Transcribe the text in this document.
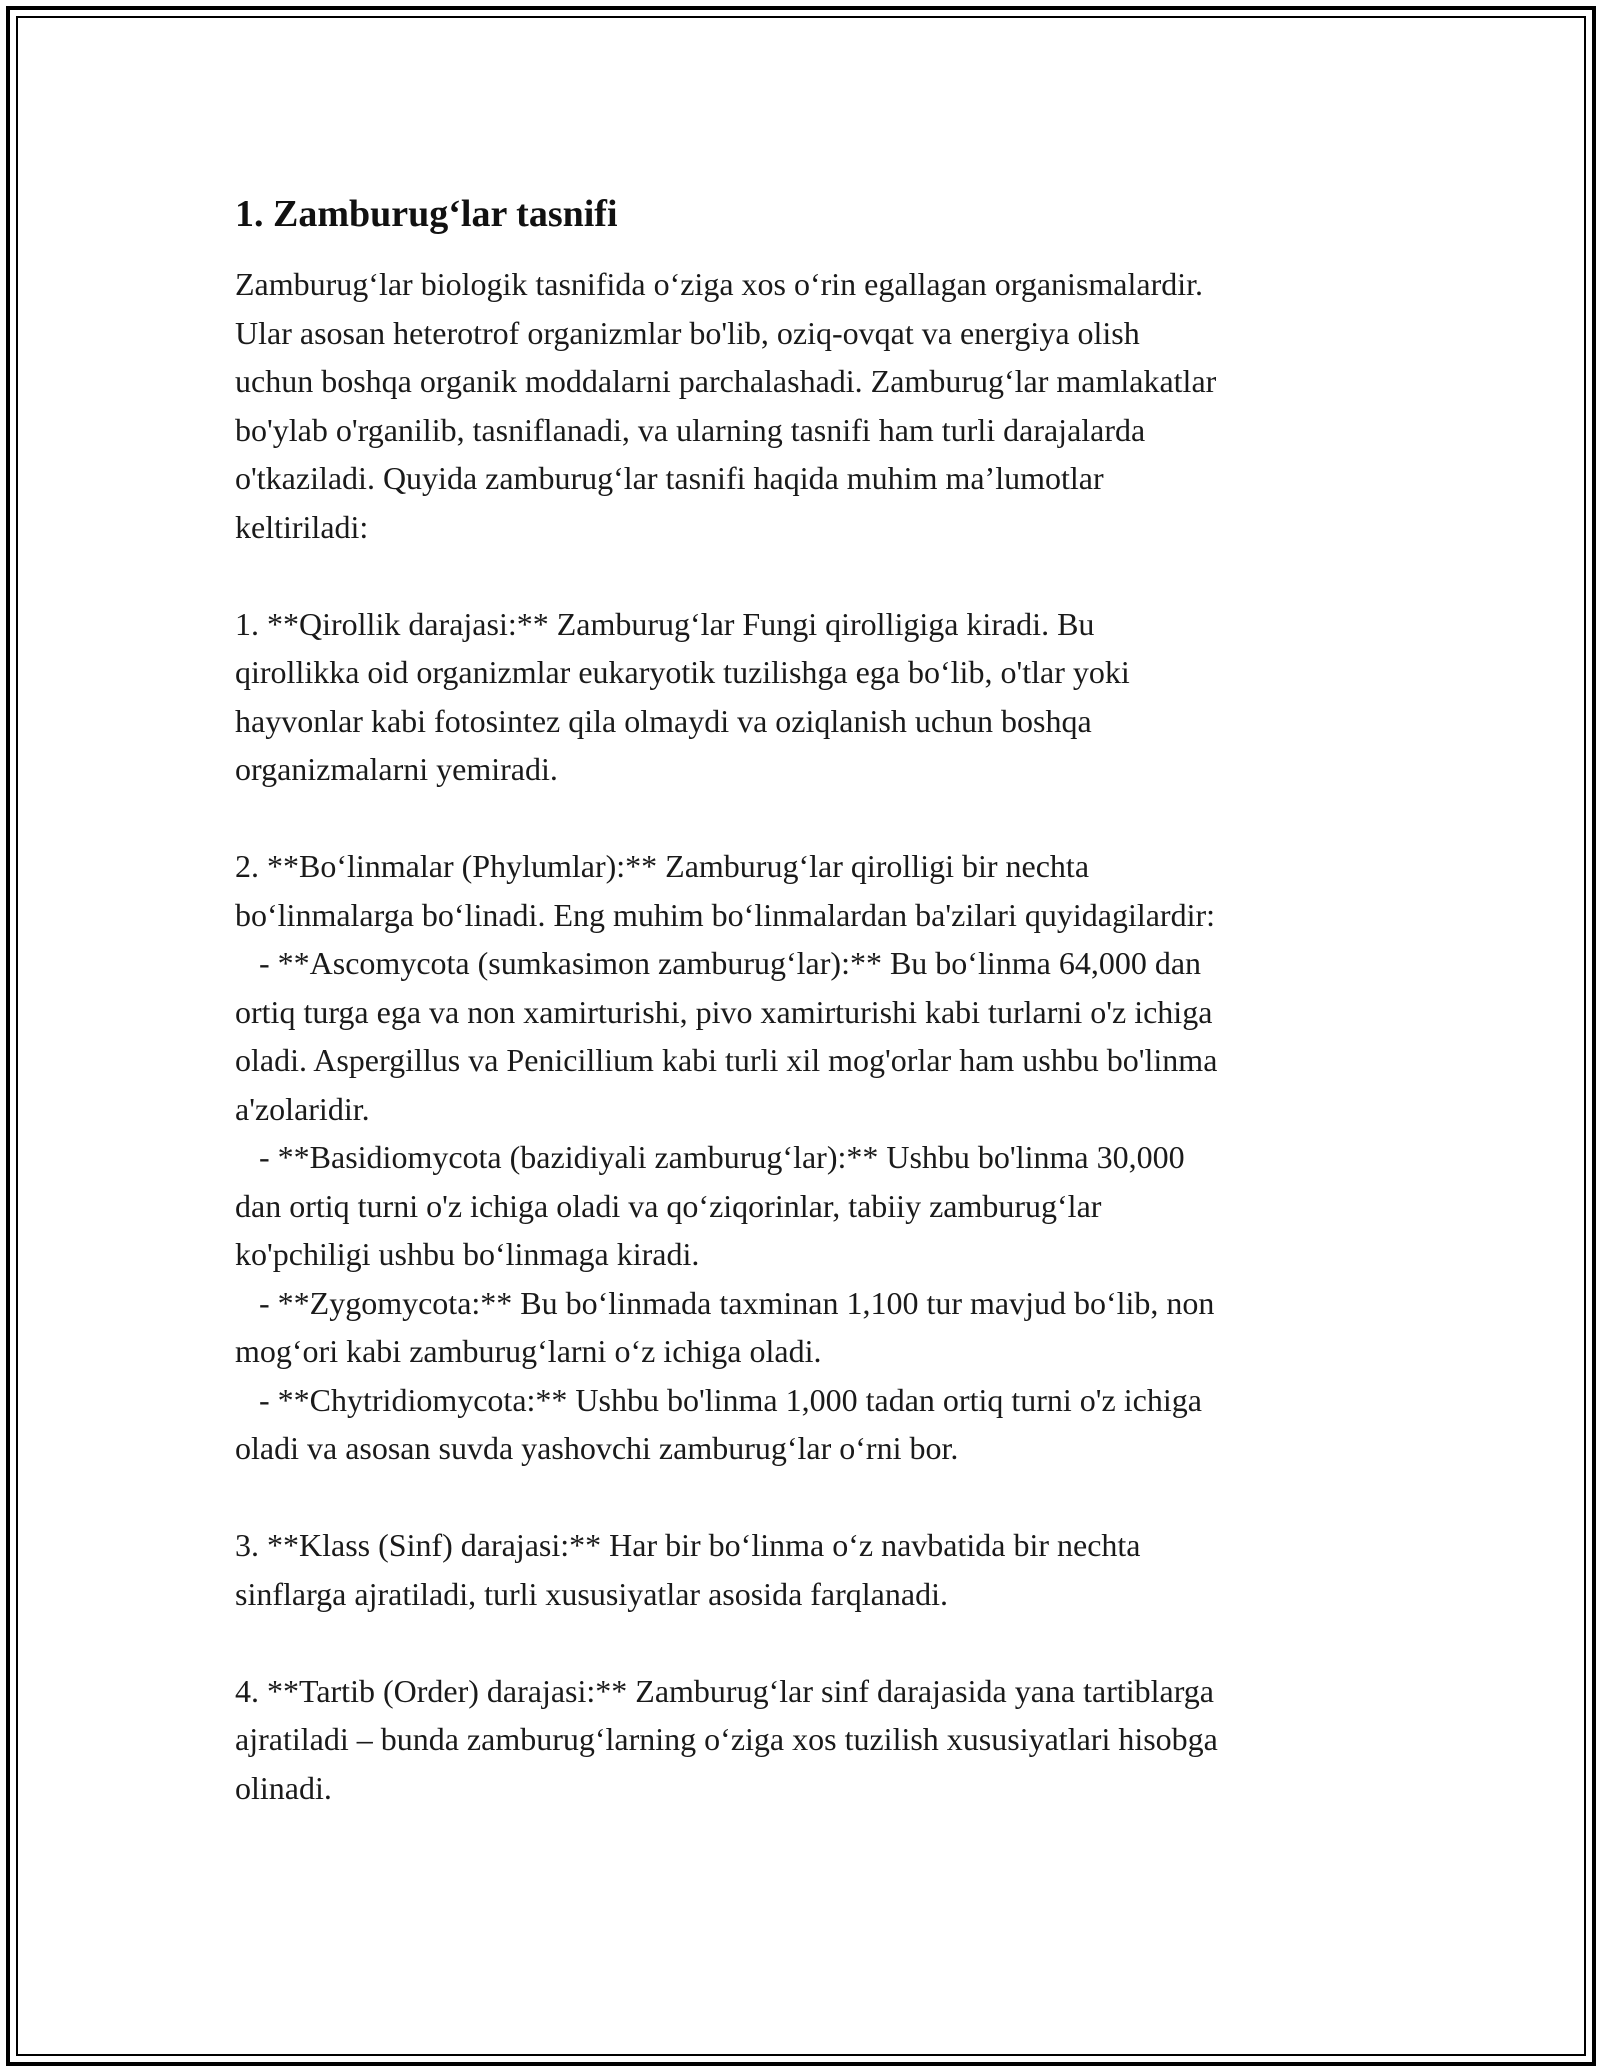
1. Zamburug‘lar tasnifi

Zamburug‘lar biologik tasnifida o‘ziga xos o‘rin egallagan organismalardir.
Ular asosan heterotrof organizmlar bo'lib, oziq-ovqat va energiya olish
uchun boshqa organik moddalarni parchalashadi. Zamburug‘lar mamlakatlar
bo'ylab o'rganilib, tasniflanadi, va ularning tasnifi ham turli darajalarda
o'tkaziladi. Quyida zamburug‘lar tasnifi haqida muhim ma’lumotlar
keltiriladi:

1. **Qirollik darajasi:** Zamburug‘lar Fungi qirolligiga kiradi. Bu
qirollikka oid organizmlar eukaryotik tuzilishga ega bo‘lib, o'tlar yoki
hayvonlar kabi fotosintez qila olmaydi va oziqlanish uchun boshqa
organizmalarni yemiradi.

2. **Bo‘linmalar (Phylumlar):** Zamburug‘lar qirolligi bir nechta
bo‘linmalarga bo‘linadi. Eng muhim bo‘linmalardan ba'zilari quyidagilardir:
- **Ascomycota (sumkasimon zamburug‘lar):** Bu bo‘linma 64,000 dan
ortiq turga ega va non xamirturishi, pivo xamirturishi kabi turlarni o'z ichiga
oladi. Aspergillus va Penicillium kabi turli xil mog'orlar ham ushbu bo'linma
a'zolaridir.
- **Basidiomycota (bazidiyali zamburug‘lar):** Ushbu bo'linma 30,000
dan ortiq turni o'z ichiga oladi va qo‘ziqorinlar, tabiiy zamburug‘lar
ko'pchiligi ushbu bo‘linmaga kiradi.
- **Zygomycota:** Bu bo‘linmada taxminan 1,100 tur mavjud bo‘lib, non
mog‘ori kabi zamburug‘larni o‘z ichiga oladi.
- **Chytridiomycota:** Ushbu bo'linma 1,000 tadan ortiq turni o'z ichiga
oladi va asosan suvda yashovchi zamburug‘lar o‘rni bor.

3. **Klass (Sinf) darajasi:** Har bir bo‘linma o‘z navbatida bir nechta
sinflarga ajratiladi, turli xususiyatlar asosida farqlanadi.

4. **Tartib (Order) darajasi:** Zamburug‘lar sinf darajasida yana tartiblarga
ajratiladi – bunda zamburug‘larning o‘ziga xos tuzilish xususiyatlari hisobga
olinadi.
